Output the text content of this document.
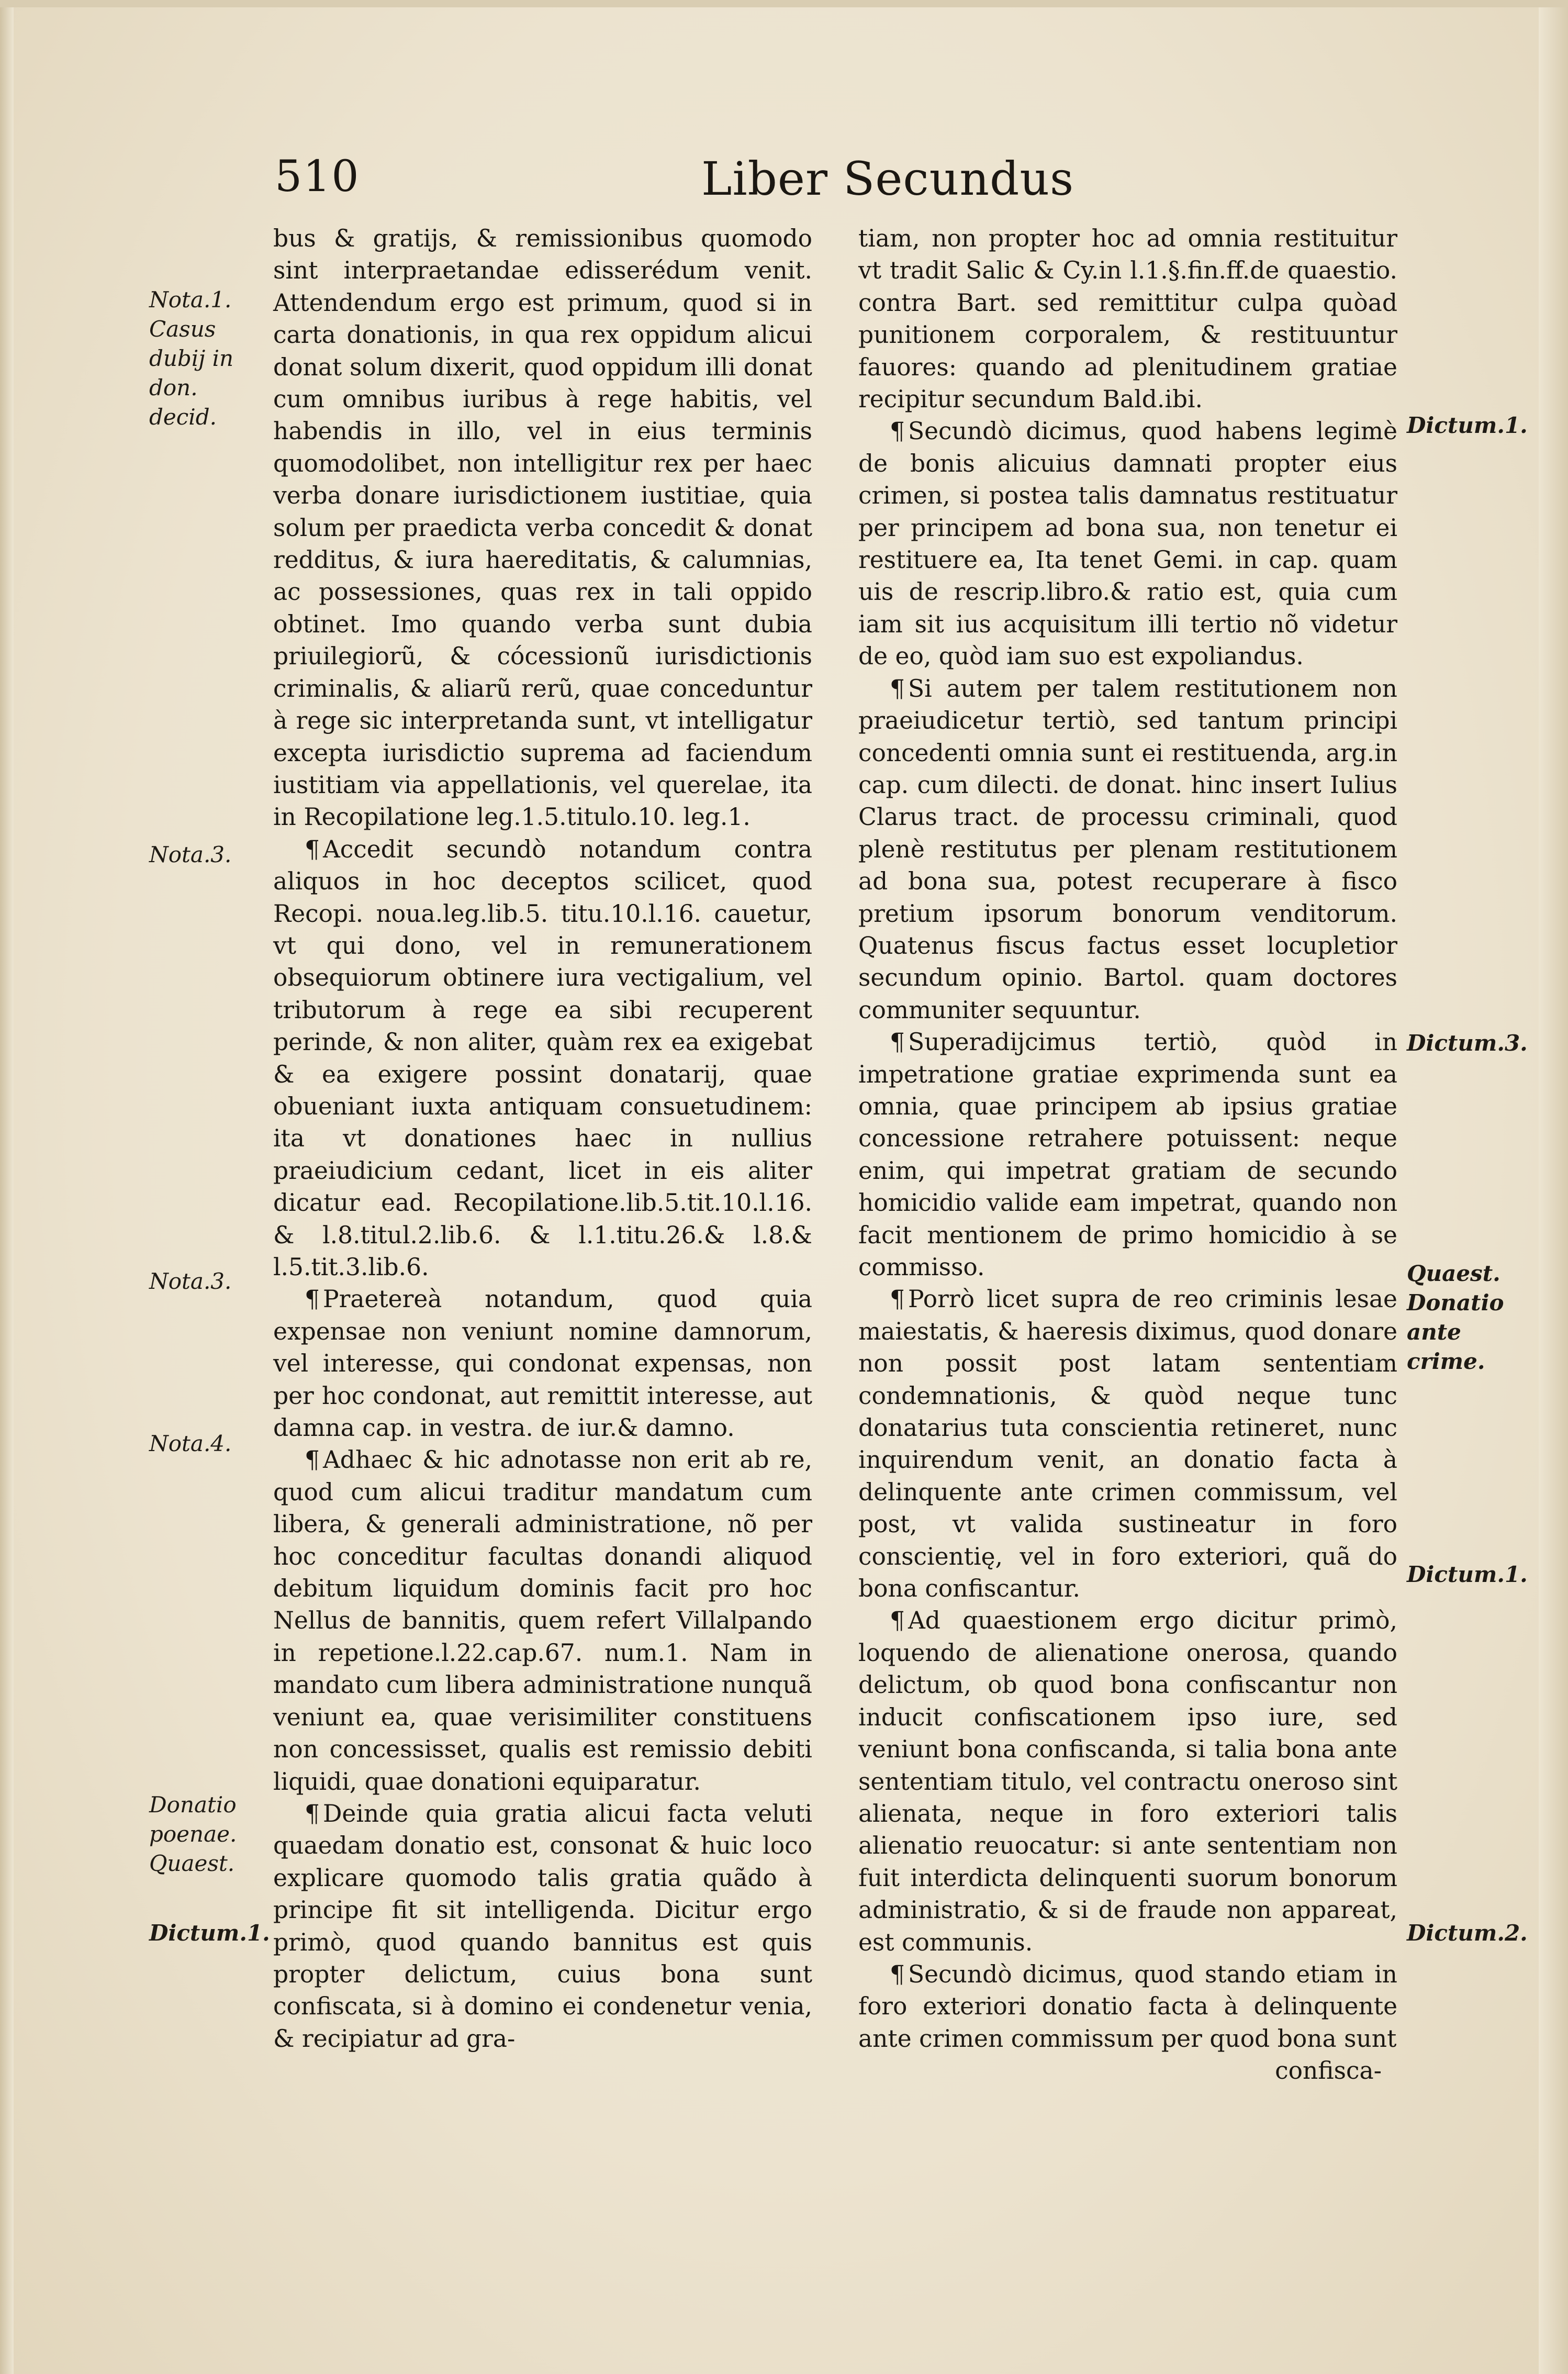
510	Liber Secundus
Nota.1.
Casus dubij in don. decid.
Nota.3.
Nota.3.
Nota.4.
Donatio poenae. Quaest.
Dictum.1.
Dictum.1.
Dictum.3.
Quaest. Donatio ante crime.
Dictum.1.
Dictum.2.

bus & gratijs, & remissionibus quomodo sint interpraetandae edisserédum venit. Attendendum ergo est primum, quod si in carta donationis, in qua rex oppidum alicui donat solum dixerit, quod oppidum illi donat cum omnibus iuribus à rege habitis, vel habendis in illo, vel in eius terminis quomodolibet, non intelligitur rex per haec verba donare iurisdictionem iustitiae, quia solum per praedicta verba concedit & donat redditus, & iura haereditatis, & calumnias, ac possessiones, quas rex in tali oppido obtinet. Imo quando verba sunt dubia priuilegiorũ, & cócessionũ iurisdictionis criminalis, & aliarũ rerũ, quae conceduntur à rege sic interpretanda sunt, vt intelligatur excepta iurisdictio suprema ad faciendum iustitiam via appellationis, vel querelae, ita in Recopilatione leg.1.5.titulo.10. leg.1.

¶ Accedit secundò notandum contra aliquos in hoc deceptos scilicet, quod Recopi. noua.leg.lib.5. titu.10.l.16. cauetur, vt qui dono, vel in remunerationem obsequiorum obtinere iura vectigalium, vel tributorum à rege ea sibi recuperent perinde, & non aliter, quàm rex ea exigebat & ea exigere possint donatarij, quae obueniant iuxta antiquam consuetudinem: ita vt donationes haec in nullius praeiudicium cedant, licet in eis aliter dicatur ead. Recopilatione.lib.5.tit.10.l.16. & l.8.titul.2.lib.6. & l.1.titu.26.& l.8.& l.5.tit.3.lib.6.

¶ Praetereà notandum, quod quia expensae non veniunt nomine damnorum, vel interesse, qui condonat expensas, non per hoc condonat, aut remittit interesse, aut damna cap. in vestra. de iur.& damno.

¶ Adhaec & hic adnotasse non erit ab re, quod cum alicui traditur mandatum cum libera, & generali administratione, nõ per hoc conceditur facultas donandi aliquod debitum liquidum dominis facit pro hoc Nellus de bannitis, quem refert Villalpando in repetione.l.22.cap.67. num.1. Nam in mandato cum libera administratione nunquã veniunt ea, quae verisimiliter constituens non concessisset, qualis est remissio debiti liquidi, quae donationi equiparatur.

¶ Deinde quia gratia alicui facta veluti quaedam donatio est, consonat & huic loco explicare quomodo talis gratia quãdo à principe fit sit intelligenda. Dicitur ergo primò, quod quando bannitus est quis propter delictum, cuius bona sunt confiscata, si à domino ei condenetur venia, & recipiatur ad gra-

tiam, non propter hoc ad omnia restituitur vt tradit Salic & Cy.in l.1.§.fin.ff.de quaestio. contra Bart. sed remittitur culpa quòad punitionem corporalem, & restituuntur fauores: quando ad plenitudinem gratiae recipitur secundum Bald.ibi.

¶ Secundò dicimus, quod habens legimè de bonis alicuius damnati propter eius crimen, si postea talis damnatus restituatur per principem ad bona sua, non tenetur ei restituere ea, Ita tenet Gemi. in cap. quam uis de rescrip.libro.& ratio est, quia cum iam sit ius acquisitum illi tertio nõ videtur de eo, quòd iam suo est expoliandus.

¶ Si autem per talem restitutionem non praeiudicetur tertiò, sed tantum principi concedenti omnia sunt ei restituenda, arg.in cap. cum dilecti. de donat. hinc insert Iulius Clarus tract. de processu criminali, quod plenè restitutus per plenam restitutionem ad bona sua, potest recuperare à fisco pretium ipsorum bonorum venditorum. Quatenus fiscus factus esset locupletior secundum opinio. Bartol. quam doctores communiter sequuntur.

¶ Superadijcimus tertiò, quòd in impetratione gratiae exprimenda sunt ea omnia, quae principem ab ipsius gratiae concessione retrahere potuissent: neque enim, qui impetrat gratiam de secundo homicidio valide eam impetrat, quando non facit mentionem de primo homicidio à se commisso.

¶ Porrò licet supra de reo criminis lesae maiestatis, & haeresis diximus, quod donare non possit post latam sententiam condemnationis, & quòd neque tunc donatarius tuta conscientia retineret, nunc inquirendum venit, an donatio facta à delinquente ante crimen commissum, vel post, vt valida sustineatur in foro conscientię, vel in foro exteriori, quã do bona confiscantur.

¶ Ad quaestionem ergo dicitur primò, loquendo de alienatione onerosa, quando delictum, ob quod bona confiscantur non inducit confiscationem ipso iure, sed veniunt bona confiscanda, si talia bona ante sententiam titulo, vel contractu oneroso sint alienata, neque in foro exteriori talis alienatio reuocatur: si ante sententiam non fuit interdicta delinquenti suorum bonorum administratio, & si de fraude non appareat, est communis.

¶ Secundò dicimus, quod stando etiam in foro exteriori donatio facta à delinquente ante crimen commissum per quod bona sunt

confisca-
